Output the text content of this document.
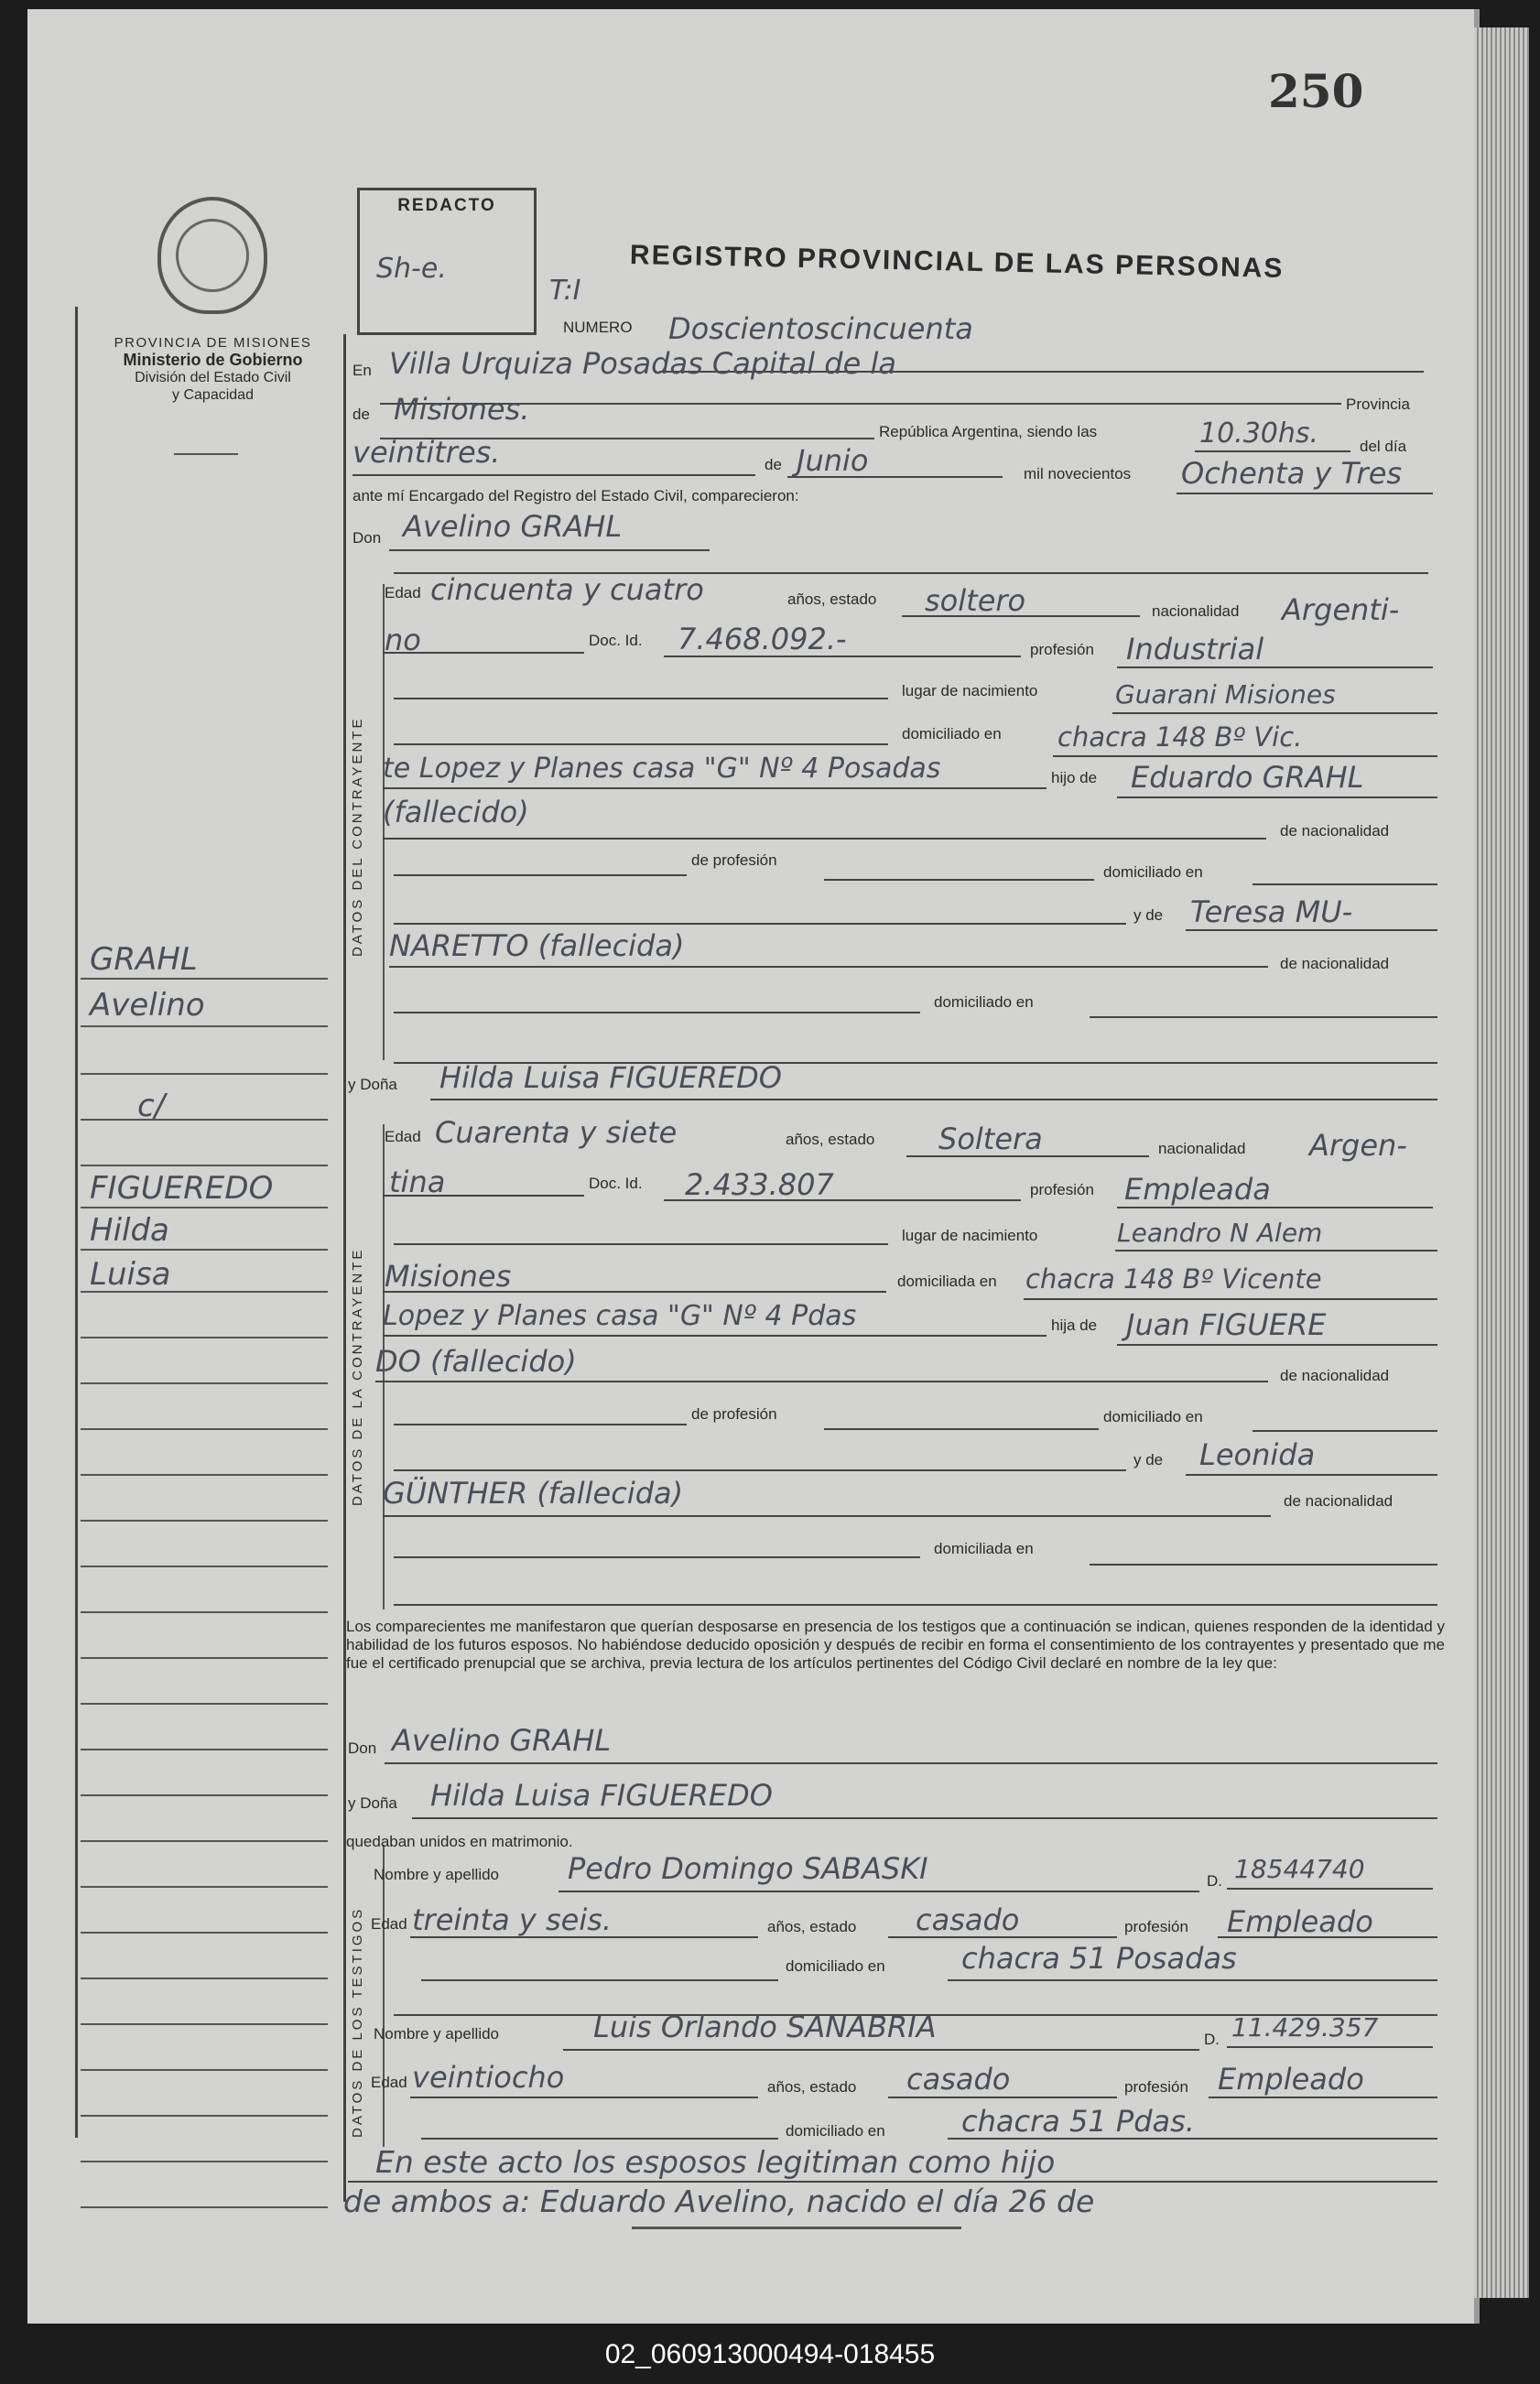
250
PROVINCIA DE MISIONES
Ministerio de Gobierno
División del Estado Civil
y Capacidad
REDACTO
Sh-e.	REGISTRO PROVINCIAL DE LAS PERSONAS
T:I
DATOS DEL CONTRAYENTE
DATOS DE LA CONTRAYENTE
DATOS DE LOS TESTIGOS
GRAHL
Avelino
c/
FIGUEREDO
Hilda
Luisa
NUMERO Doscientoscincuenta
En Villa Urquiza Posadas Capital de la
Provincia
de Misiones.
República Argentina, siendo las	10.30hs.	del día
veintitres.	de Junio	mil novecientos Ochenta y Tres
ante mí Encargado del Registro del Estado Civil, comparecieron:
Don Avelino GRAHL
Edad cincuenta y cuatro	años, estado soltero	nacionalidad Argenti-
no	Doc. Id. 7.468.092.-	profesión Industrial
lugar de nacimiento	Guarani Misiones
domiciliado en chacra 148 Bº Vic.
te Lopez y Planes casa "G" Nº 4 Posadas	hijo de Eduardo GRAHL
(fallecido)
de nacionalidad
de profesión
domiciliado en
y de Teresa MU-
NARETTO (fallecida)
de nacionalidad
domiciliado en
y Doña Hilda Luisa FIGUEREDO
Edad Cuarenta y siete	años, estado Soltera	nacionalidad Argen-
tina	Doc. Id. 2.433.807	profesión Empleada
lugar de nacimiento	Leandro N Alem
Misiones	domiciliada en chacra 148 Bº Vicente
Lopez y Planes casa "G" Nº 4 Pdas	hija de Juan FIGUERE
DO (fallecido)	de nacionalidad
de profesión	domiciliado en
y de Leonida
GÜNTHER (fallecida)	de nacionalidad
domiciliada en
Los comparecientes me manifestaron que querían desposarse en presencia de los testigos que a continuación se indican, quienes responden de la identidad y habilidad de los futuros esposos. No habiéndose deducido oposición y después de recibir en forma el consentimiento de los contrayentes y presentado que me fue el certificado prenupcial que se archiva, previa lectura de los artículos pertinentes del Código Civil declaré en nombre de la ley que:
Don Avelino GRAHL
y Doña Hilda Luisa FIGUEREDO
quedaban unidos en matrimonio.
Nombre y apellido Pedro Domingo SABASKI	D. 18544740
Edad treinta y seis.	años, estado casado	profesión Empleado
domiciliado en	chacra 51 Posadas
Nombre y apellido	Luis Orlando SANABRIA	D. 11.429.357
Edad veintiocho	años, estado casado	profesión Empleado
domiciliado en	chacra 51 Pdas.
En este acto los esposos legitiman como hijo
de ambos a: Eduardo Avelino, nacido el día 26 de
02_060913000494-018455
